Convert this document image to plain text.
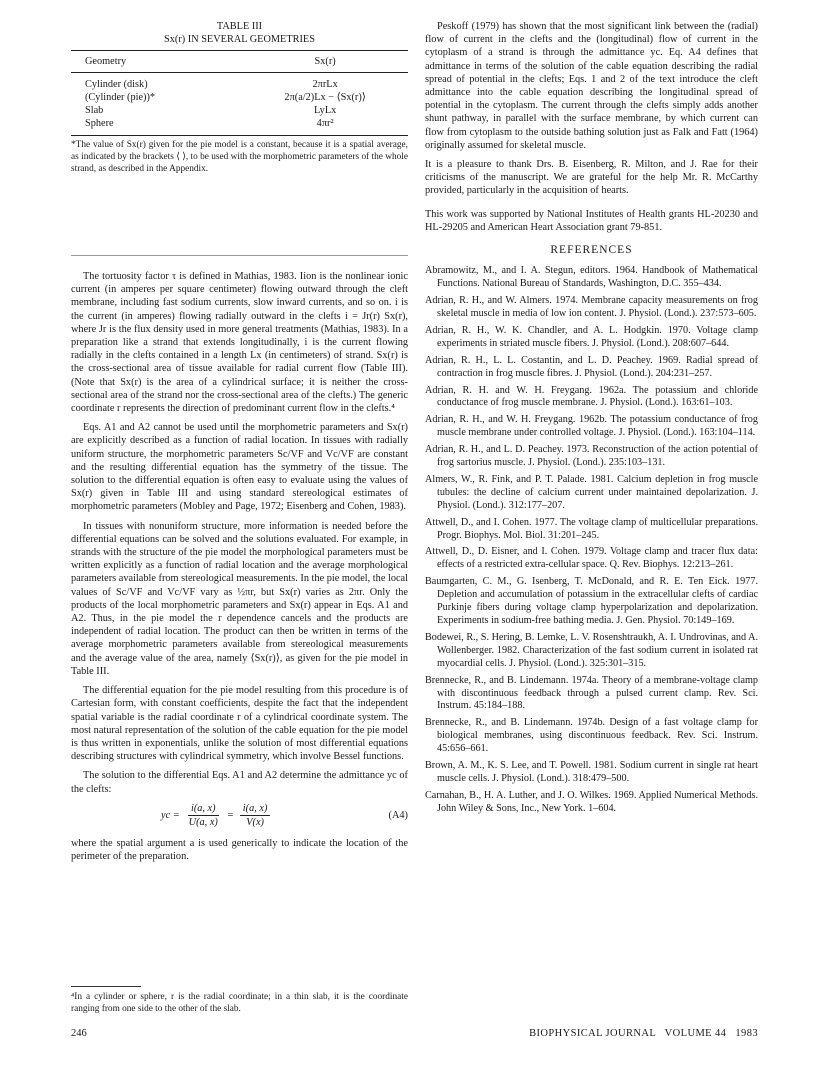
TABLE III
Sx(r) IN SEVERAL GEOMETRIES
Geometry	Sx(r)
Cylinder (disk)	2πrLx
(Cylinder (pie))*	2π(a/2)Lx − ⟨Sx(r)⟩
Slab	LyLx
Sphere	4πr²
*The value of Sx(r) given for the pie model is a constant, because it is a spatial average, as indicated by the brackets ⟨ ⟩, to be used with the morphometric parameters of the whole strand, as described in the Appendix.

The tortuosity factor τ is defined in Mathias, 1983. Iion is the nonlinear ionic current (in amperes per square centimeter) flowing outward through the cleft membrane, including fast sodium currents, slow inward currents, and so on. i is the current (in amperes) flowing radially outward in the clefts i = Jr(r) Sx(r), where Jr is the flux density used in more general treatments (Mathias, 1983). In a preparation like a strand that extends longitudinally, i is the current flowing radially in the clefts contained in a length Lx (in centimeters) of strand. Sx(r) is the cross-sectional area of tissue available for radial current flow (Table III). (Note that Sx(r) is the area of a cylindrical surface; it is neither the cross-sectional area of the strand nor the cross-sectional area of the clefts.) The generic coordinate r represents the direction of predominant current flow in the clefts.⁴

Eqs. A1 and A2 cannot be used until the morphometric parameters and Sx(r) are explicitly described as a function of radial location. In tissues with radially uniform structure, the morphometric parameters Sc/VF and Vc/VF are constant and the resulting differential equation has the symmetry of the tissue. The solution to the differential equation is often easy to evaluate using the values of Sx(r) given in Table III and using standard stereological estimates of morphometric parameters (Mobley and Page, 1972; Eisenberg and Cohen, 1983).

In tissues with nonuniform structure, more information is needed before the differential equations can be solved and the solutions evaluated. For example, in strands with the structure of the pie model the morphological parameters must be written explicitly as a function of radial location and the average morphological parameters available from stereological measurements. In the pie model, the local values of Sc/VF and Vc/VF vary as ½πr, but Sx(r) varies as 2πr. Only the products of the local morphometric parameters and Sx(r) appear in Eqs. A1 and A2. Thus, in the pie model the r dependence cancels and the products are independent of radial location. The product can then be written in terms of the average morphometric parameters available from stereological measurements and the average value of the area, namely ⟨Sx(r)⟩, as given for the pie model in Table III.

The differential equation for the pie model resulting from this procedure is of Cartesian form, with constant coefficients, despite the fact that the independent spatial variable is the radial coordinate r of a cylindrical coordinate system. The most natural representation of the solution of the cable equation for the pie model is thus written in exponentials, unlike the solution of most differential equations describing structures with cylindrical symmetry, which involve Bessel functions.

The solution to the differential Eqs. A1 and A2 determine the admittance yc of the clefts:

yc = $\frac{i(a, x)}{U(a, x)} = \frac{i(a, x)}{V(x)}$	(A4)

where the spatial argument a is used generically to indicate the location of the perimeter of the preparation.

⁴In a cylinder or sphere, r is the radial coordinate; in a thin slab, it is the coordinate ranging from one side to the other of the slab.

Peskoff (1979) has shown that the most significant link between the (radial) flow of current in the clefts and the (longitudinal) flow of current in the cytoplasm of a strand is through the admittance yc. Eq. A4 defines that admittance in terms of the solution of the cable equation describing the radial spread of potential in the clefts; Eqs. 1 and 2 of the text introduce the cleft admittance into the cable equation describing the longitudinal spread of potential in the cytoplasm. The current through the clefts simply adds another shunt pathway, in parallel with the surface membrane, by which current can flow from cytoplasm to the outside bathing solution just as Falk and Fatt (1964) originally assumed for skeletal muscle.

It is a pleasure to thank Drs. B. Eisenberg, R. Milton, and J. Rae for their criticisms of the manuscript. We are grateful for the help Mr. R. McCarthy provided, particularly in the acquisition of hearts.

This work was supported by National Institutes of Health grants HL-20230 and HL-29205 and American Heart Association grant 79-851.

REFERENCES
Abramowitz, M., and I. A. Stegun, editors. 1964. Handbook of Mathematical Functions. National Bureau of Standards, Washington, D.C. 355–434.
Adrian, R. H., and W. Almers. 1974. Membrane capacity measurements on frog skeletal muscle in media of low ion content. J. Physiol. (Lond.). 237:573–605.
Adrian, R. H., W. K. Chandler, and A. L. Hodgkin. 1970. Voltage clamp experiments in striated muscle fibers. J. Physiol. (Lond.). 208:607–644.
Adrian, R. H., L. L. Costantin, and L. D. Peachey. 1969. Radial spread of contraction in frog muscle fibres. J. Physiol. (Lond.). 204:231–257.
Adrian, R. H. and W. H. Freygang. 1962a. The potassium and chloride conductance of frog muscle membrane. J. Physiol. (Lond.). 163:61–103.
Adrian, R. H., and W. H. Freygang. 1962b. The potassium conductance of frog muscle membrane under controlled voltage. J. Physiol. (Lond.). 163:104–114.
Adrian, R. H., and L. D. Peachey. 1973. Reconstruction of the action potential of frog sartorius muscle. J. Physiol. (Lond.). 235:103–131.
Almers, W., R. Fink, and P. T. Palade. 1981. Calcium depletion in frog muscle tubules: the decline of calcium current under maintained depolarization. J. Physiol. (Lond.). 312:177–207.
Attwell, D., and I. Cohen. 1977. The voltage clamp of multicellular preparations. Progr. Biophys. Mol. Biol. 31:201–245.
Attwell, D., D. Eisner, and I. Cohen. 1979. Voltage clamp and tracer flux data: effects of a restricted extra-cellular space. Q. Rev. Biophys. 12:213–261.
Baumgarten, C. M., G. Isenberg, T. McDonald, and R. E. Ten Eick. 1977. Depletion and accumulation of potassium in the extracellular clefts of cardiac Purkinje fibers during voltage clamp hyperpolarization and depolarization. Experiments in sodium-free bathing media. J. Gen. Physiol. 70:149–169.
Bodewei, R., S. Hering, B. Lemke, L. V. Rosenshtraukh, A. I. Undrovinas, and A. Wollenberger. 1982. Characterization of the fast sodium current in isolated rat myocardial cells. J. Physiol. (Lond.). 325:301–315.
Brennecke, R., and B. Lindemann. 1974a. Theory of a membrane-voltage clamp with discontinuous feedback through a pulsed current clamp. Rev. Sci. Instrum. 45:184–188.
Brennecke, R., and B. Lindemann. 1974b. Design of a fast voltage clamp for biological membranes, using discontinuous feedback. Rev. Sci. Instrum. 45:656–661.
Brown, A. M., K. S. Lee, and T. Powell. 1981. Sodium current in single rat heart muscle cells. J. Physiol. (Lond.). 318:479–500.
Carnahan, B., H. A. Luther, and J. O. Wilkes. 1969. Applied Numerical Methods. John Wiley & Sons, Inc., New York. 1–604.
246	BIOPHYSICAL JOURNAL   VOLUME 44   1983
